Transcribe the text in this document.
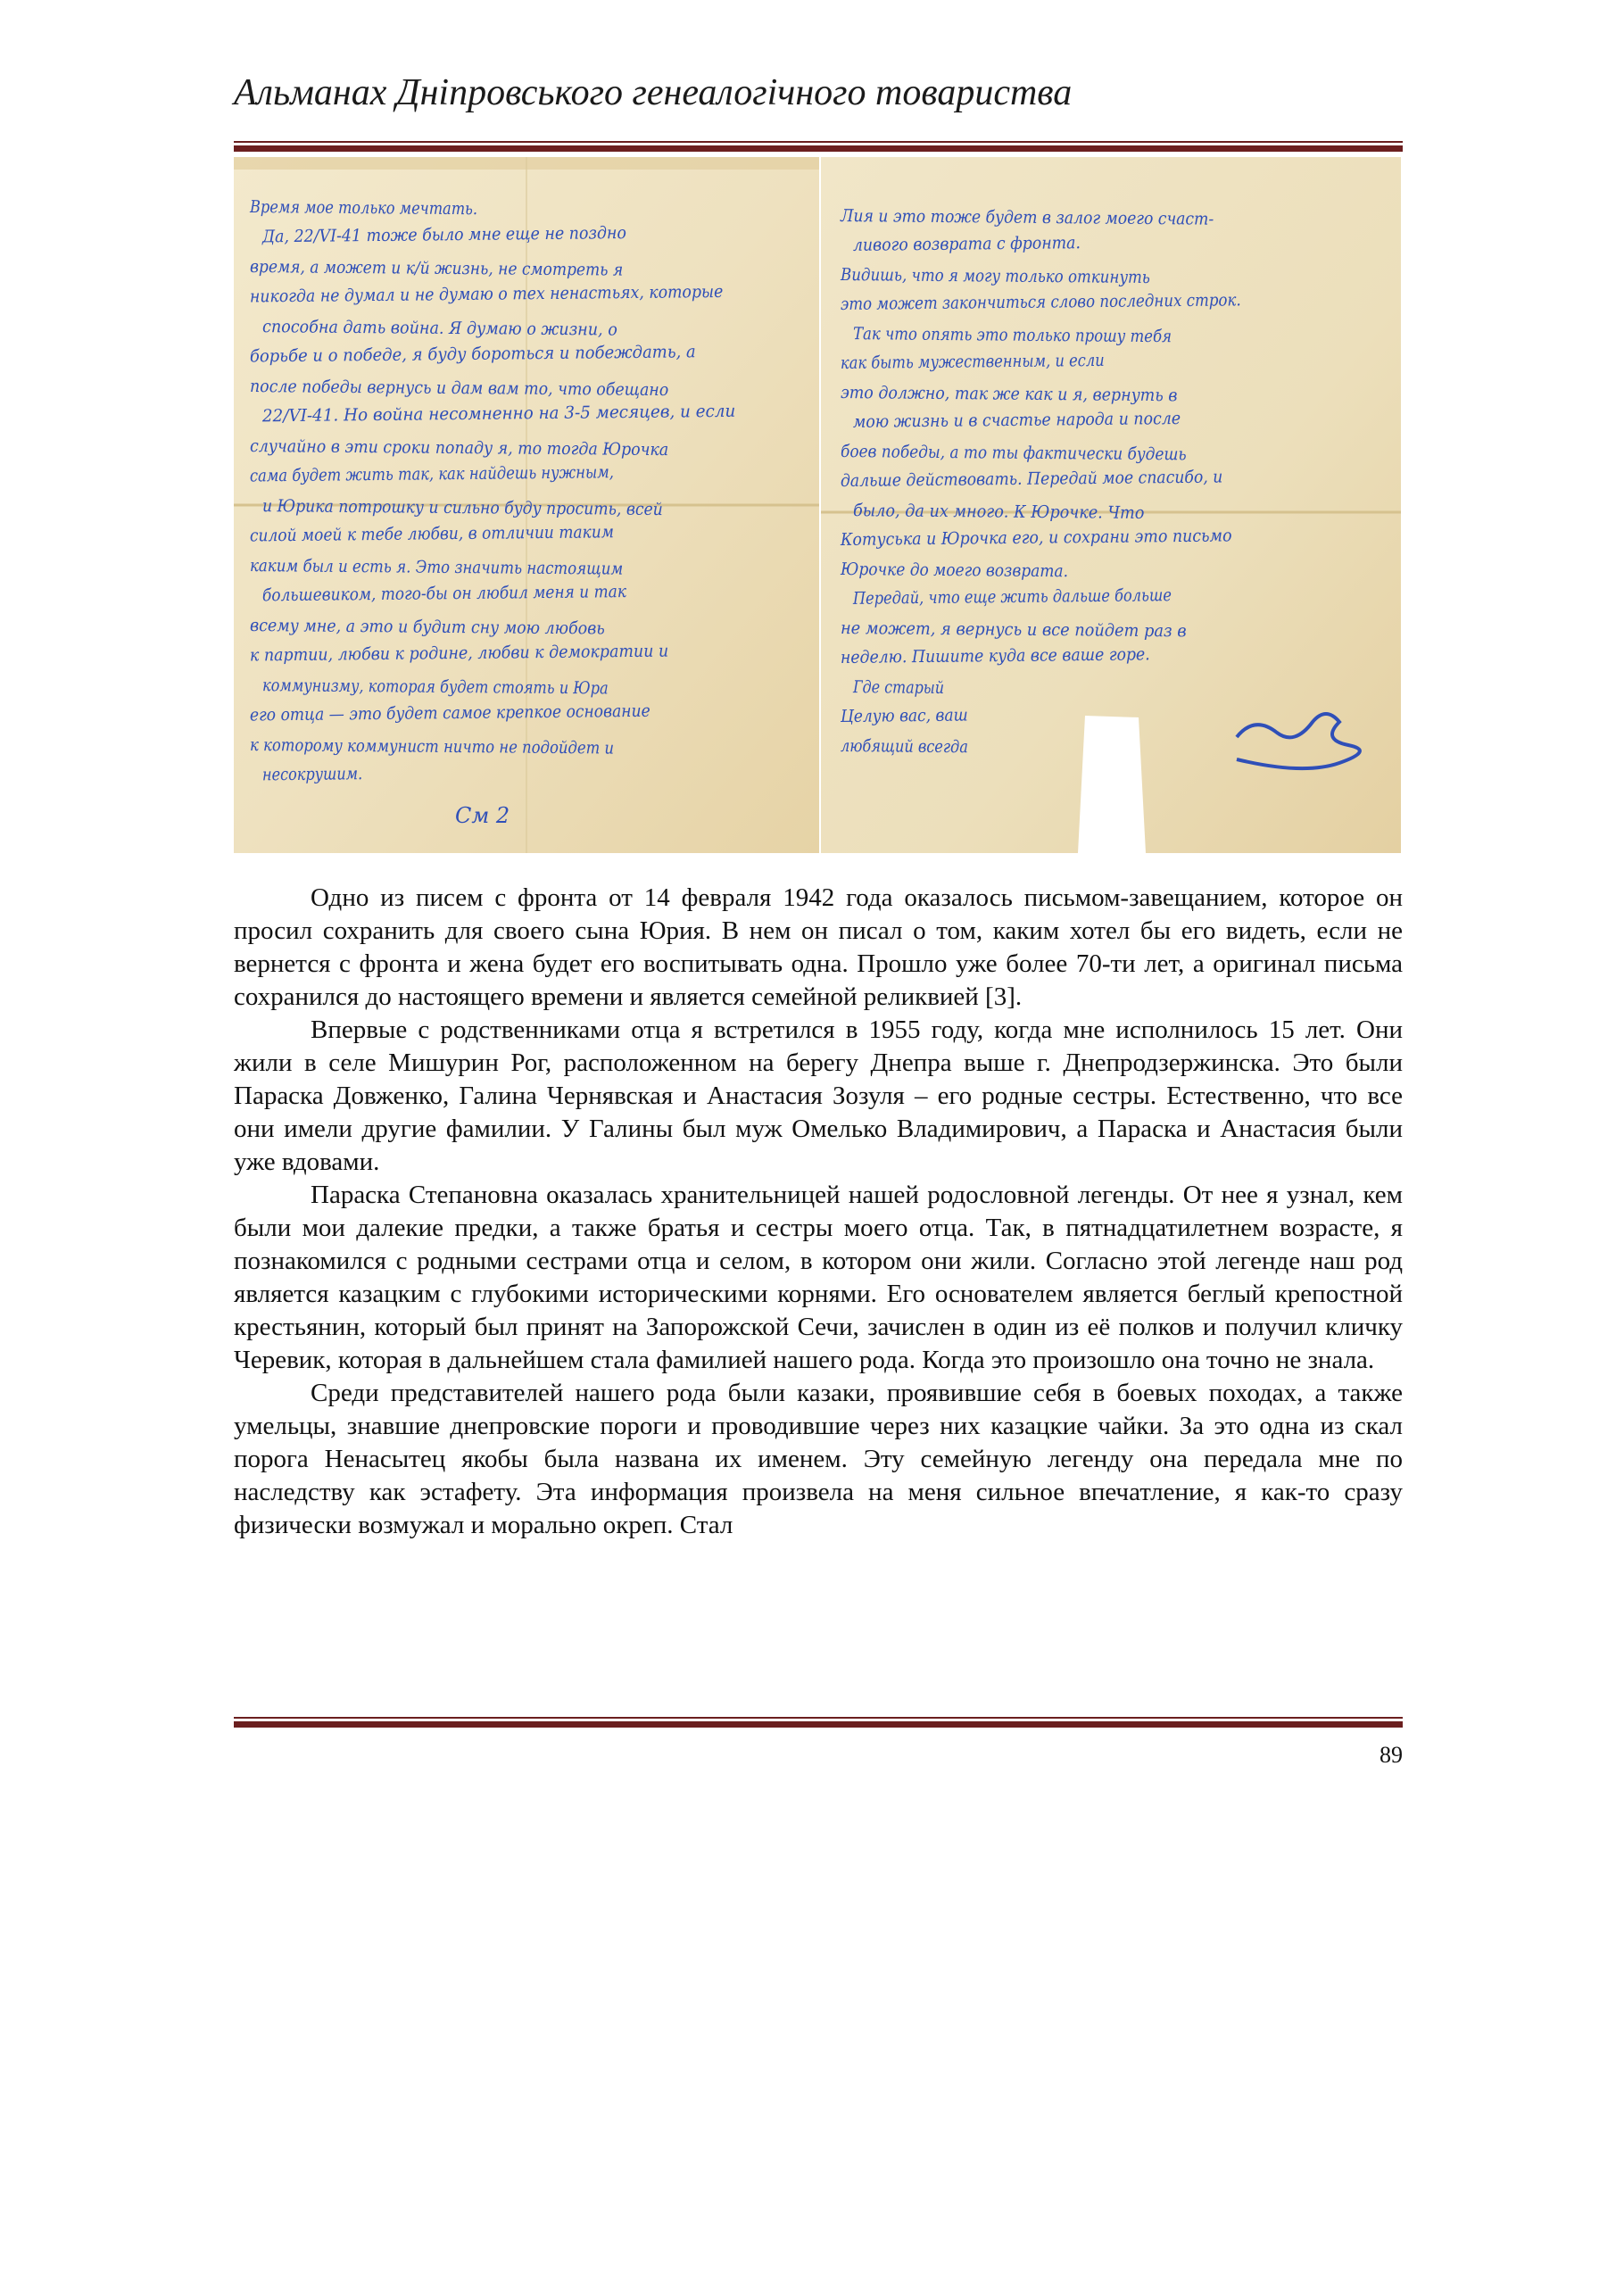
Альманах Дніпровського генеалогічного товариства
Время мое только мечтать.
Да, 22/VI-41 тоже было мне еще не поздно
время, а может и к/й жизнь, не смотреть я
никогда не думал и не думаю о тех ненастьях, которые
способна дать война. Я думаю о жизни, о
борьбе и о победе, я буду бороться и побеждать, а
после победы вернусь и дам вам то, что обещано
22/VI-41. Но война несомненно на 3-5 месяцев, и если
случайно в эти сроки попаду я, то тогда Юрочка
сама будет жить так, как найдешь нужным,
и Юрика потрошку и сильно буду просить, всей
силой моей к тебе любви, в отличии таким
каким был и есть я. Это значить настоящим
большевиком, того-бы он любил меня и так
всему мне, а это и будит сну мою любовь
к партии, любви к родине, любви к демократии и
коммунизму, которая будет стоять и Юра
его отца — это будет самое крепкое основание
к которому коммунист ничто не подойдет и
несокрушим.
См 2
Лия и это тоже будет в залог моего счаст-
ливого возврата с фронта.
Видишь, что я могу только откинуть
это может закончиться слово последних строк.
Так что опять это только прошу тебя
как быть мужественным, и если
это должно, так же как и я, вернуть в
мою жизнь и в счастье народа и после
боев победы, а то ты фактически будешь
дальше действовать. Передай мое спасибо, и
было, да их много. К Юрочке. Что
Котуська и Юрочка его, и сохрани это письмо
Юрочке до моего возврата.
Передай, что еще жить дальше больше
не может, я вернусь и все пойдет раз в
неделю. Пишите куда все ваше горе.
Где старый
Целую вас, ваш
любящий всегда

Одно из писем с фронта от 14 февраля 1942 года оказалось письмом-завещанием, которое он просил сохранить для своего сына Юрия. В нем он писал о том, каким хотел бы его видеть, если не вернется с фронта и жена будет его воспитывать одна. Прошло уже более 70-ти лет, а оригинал письма сохранился до настоящего времени и является семейной реликвией [3].

Впервые с родственниками отца я встретился в 1955 году, когда мне исполнилось 15 лет. Они жили в селе Мишурин Рог, расположенном на берегу Днепра выше г. Днепродзержинска. Это были Параска Довженко, Галина Чернявская и Анастасия Зозуля – его родные сестры. Естественно, что все они имели другие фамилии. У Галины был муж Омелько Владимирович, а Параска и Анастасия были уже вдовами.

Параска Степановна оказалась хранительницей нашей родословной легенды. От нее я узнал, кем были мои далекие предки, а также братья и сестры моего отца. Так, в пятнадцатилетнем возрасте, я познакомился с родными сестрами отца и селом, в котором они жили. Согласно этой легенде наш род является казацким с глубокими историческими корнями. Его основателем является беглый крепостной крестьянин, который был принят на Запорожской Сечи, зачислен в один из её полков и получил кличку Черевик, которая в дальнейшем стала фамилией нашего рода. Когда это произошло она точно не знала.

Среди представителей нашего рода были казаки, проявившие себя в боевых походах, а также умельцы, знавшие днепровские пороги и проводившие через них казацкие чайки. За это одна из скал порога Ненасытец якобы была названа их именем. Эту семейную легенду она передала мне по наследству как эстафету. Эта информация произвела на меня сильное впечатление, я как-то сразу физически возмужал и морально окреп. Стал

89
